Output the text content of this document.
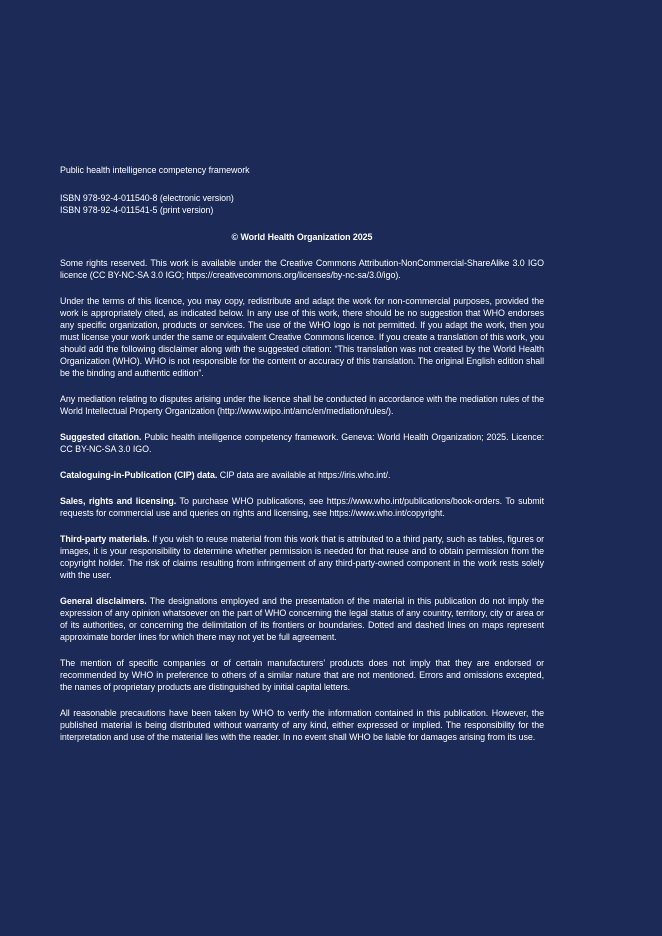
Public health intelligence competency framework

ISBN 978-92-4-011540-8 (electronic version)
ISBN 978-92-4-011541-5 (print version)

© World Health Organization 2025

Some rights reserved. This work is available under the Creative Commons Attribution-NonCommercial-ShareAlike 3.0 IGO licence (CC BY-NC-SA 3.0 IGO; https://creativecommons.org/licenses/by-nc-sa/3.0/igo).

Under the terms of this licence, you may copy, redistribute and adapt the work for non-commercial purposes, provided the work is appropriately cited, as indicated below. In any use of this work, there should be no suggestion that WHO endorses any specific organization, products or services. The use of the WHO logo is not permitted. If you adapt the work, then you must license your work under the same or equivalent Creative Commons licence. If you create a translation of this work, you should add the following disclaimer along with the suggested citation: “This translation was not created by the World Health Organization (WHO). WHO is not responsible for the content or accuracy of this translation. The original English edition shall be the binding and authentic edition”.

Any mediation relating to disputes arising under the licence shall be conducted in accordance with the mediation rules of the World Intellectual Property Organization (http://www.wipo.int/amc/en/mediation/rules/).

Suggested citation. Public health intelligence competency framework. Geneva: World Health Organization; 2025. Licence: CC BY-NC-SA 3.0 IGO.

Cataloguing-in-Publication (CIP) data. CIP data are available at https://iris.who.int/.

Sales, rights and licensing. To purchase WHO publications, see https://www.who.int/publications/book-orders. To submit requests for commercial use and queries on rights and licensing, see https://www.who.int/copyright.

Third-party materials. If you wish to reuse material from this work that is attributed to a third party, such as tables, figures or images, it is your responsibility to determine whether permission is needed for that reuse and to obtain permission from the copyright holder. The risk of claims resulting from infringement of any third-party-owned component in the work rests solely with the user.

General disclaimers. The designations employed and the presentation of the material in this publication do not imply the expression of any opinion whatsoever on the part of WHO concerning the legal status of any country, territory, city or area or of its authorities, or concerning the delimitation of its frontiers or boundaries. Dotted and dashed lines on maps represent approximate border lines for which there may not yet be full agreement.

The mention of specific companies or of certain manufacturers’ products does not imply that they are endorsed or recommended by WHO in preference to others of a similar nature that are not mentioned. Errors and omissions excepted, the names of proprietary products are distinguished by initial capital letters.

All reasonable precautions have been taken by WHO to verify the information contained in this publication. However, the published material is being distributed without warranty of any kind, either expressed or implied. The responsibility for the interpretation and use of the material lies with the reader. In no event shall WHO be liable for damages arising from its use.
